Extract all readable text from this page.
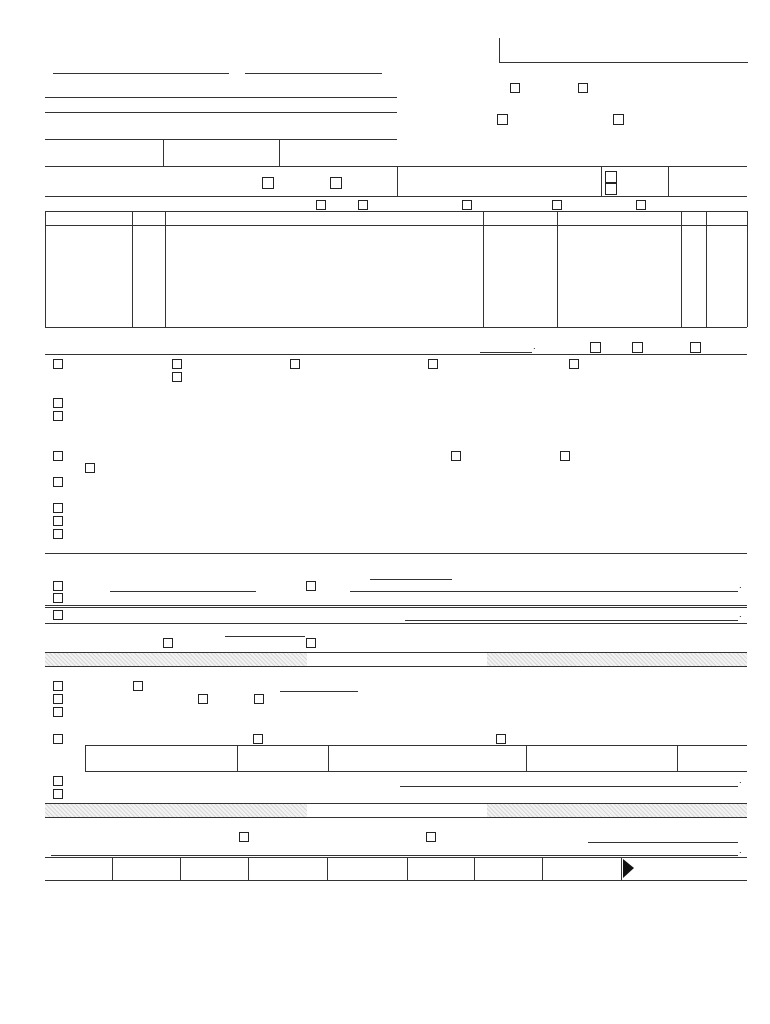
.
.
.
.
.
